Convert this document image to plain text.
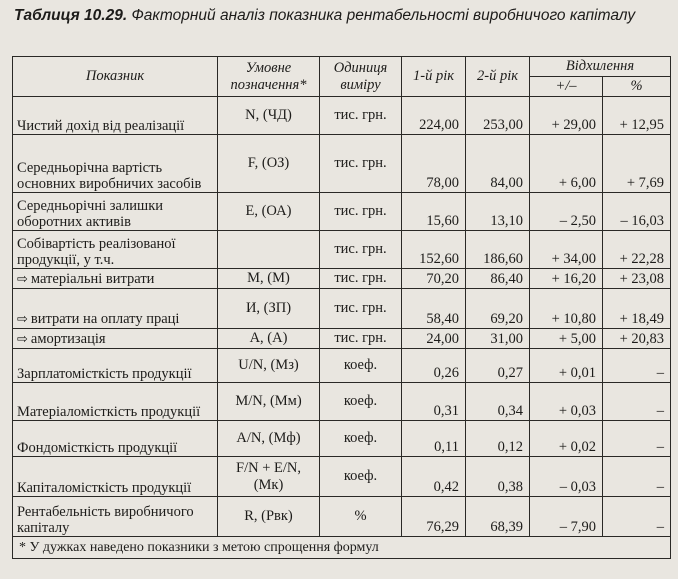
Таблиця 10.29. Факторний аналіз показника рентабельності виробничого капіталу
Показник	Умовне позначення*	Одиниця виміру	1-й рік	2-й рік	Відхилення	
					+/–	%
Чистий дохід від реалізації	N, (ЧД)	тис. грн.	224,00	253,00	+ 29,00	+ 12,95
Середньорічна вартість основних виробничих засобів	F, (ОЗ)	тис. грн.	78,00	84,00	+ 6,00	+ 7,69
Середньорічні залишки оборотних активів	E, (ОА)	тис. грн.	15,60	13,10	– 2,50	– 16,03
Собівартість реалізованої продукції, у т.ч.		тис. грн.	152,60	186,60	+ 34,00	+ 22,28
⇨ матеріальні витрати	M, (M)	тис. грн.	70,20	86,40	+ 16,20	+ 23,08
⇨ витрати на оплату праці	И, (ЗП)	тис. грн.	58,40	69,20	+ 10,80	+ 18,49
⇨ амортизація	A, (A)	тис. грн.	24,00	31,00	+ 5,00	+ 20,83
Зарплатомісткість продукції	U/N, (Mз)	коеф.	0,26	0,27	+ 0,01	–
Матеріаломісткість продукції	M/N, (Mм)	коеф.	0,31	0,34	+ 0,03	–
Фондомісткість продукції	A/N, (Mф)	коеф.	0,11	0,12	+ 0,02	–
Капіталомісткість продукції	F/N + E/N, (Mк)	коеф.	0,42	0,38	– 0,03	–
Рентабельність виробничого капіталу	R, (Pвк)	%	76,29	68,39	– 7,90	–
* У дужках наведено показники з метою спрощення формул						
